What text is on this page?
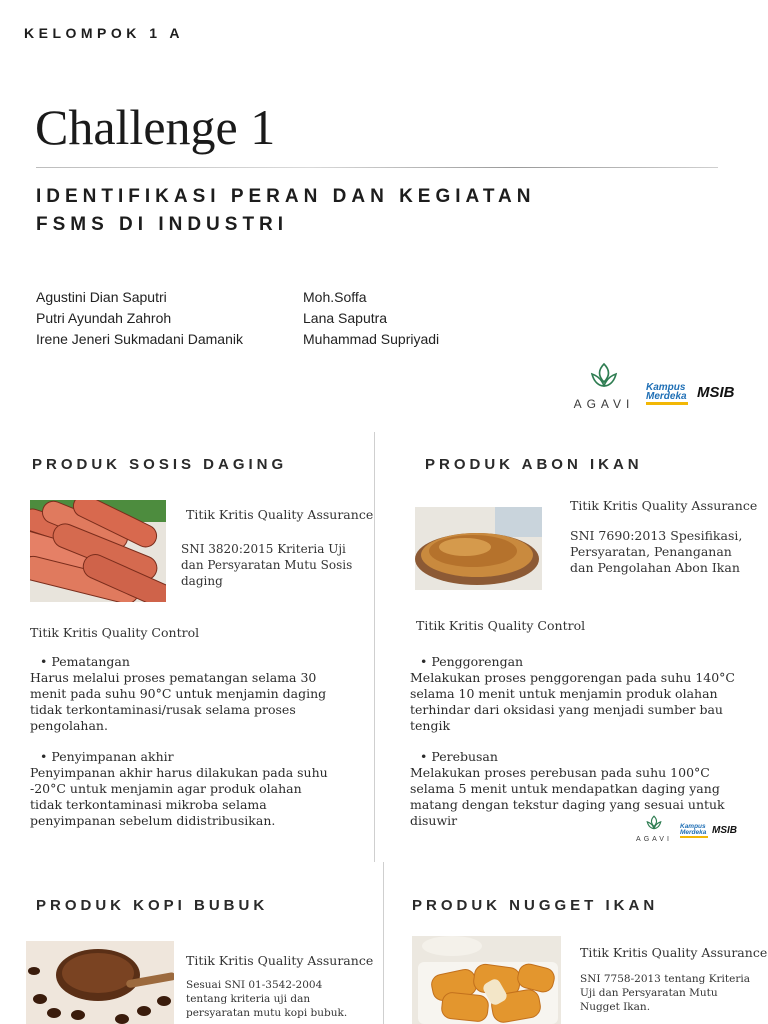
KELOMPOK 1 A
Challenge 1
IDENTIFIKASI PERAN DAN KEGIATAN FSMS DI INDUSTRI
Agustini Dian Saputri
Putri Ayundah Zahroh
Irene Jeneri Sukmadani Damanik
Moh.Soffa
Lana Saputra
Muhammad Supriyadi
AGAVI
Kampus
Merdeka MSIB
PRODUK SOSIS DAGING
Titik Kritis Quality Assurance
SNI 3820:2015 Kriteria Uji dan Persyaratan Mutu Sosis daging
Titik Kritis Quality Control

• Pematangan

Harus melalui proses pematangan selama 30 menit pada suhu 90°C untuk menjamin daging tidak terkontaminasi/rusak selama proses pengolahan.

• Penyimpanan akhir

Penyimpanan akhir harus dilakukan pada suhu -20°C untuk menjamin agar produk olahan tidak terkontaminasi mikroba selama penyimpanan sebelum didistribusikan.

PRODUK ABON IKAN
Titik Kritis Quality Assurance
SNI 7690:2013 Spesifikasi, Persyaratan, Penanganan dan Pengolahan Abon Ikan
Titik Kritis Quality Control

• Penggorengan

Melakukan proses penggorengan pada suhu 140°C selama 10 menit untuk menjamin produk olahan terhindar dari oksidasi yang menjadi sumber bau tengik

• Perebusan

Melakukan proses perebusan pada suhu 100°C selama 5 menit untuk mendapatkan daging yang matang dengan tekstur daging yang sesuai untuk disuwir

AGAVI
Kampus
Merdeka MSIB
PRODUK KOPI BUBUK
Titik Kritis Quality Assurance
Sesuai SNI 01-3542-2004 tentang kriteria uji dan persyaratan mutu kopi bubuk.
PRODUK NUGGET IKAN
Titik Kritis Quality Assurance
SNI 7758-2013 tentang Kriteria Uji dan Persyaratan Mutu Nugget Ikan.
